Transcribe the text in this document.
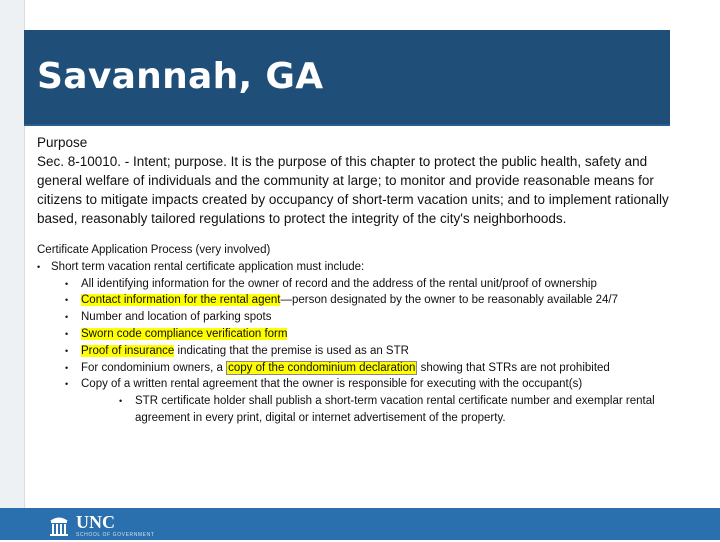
Savannah, GA
Purpose
Sec. 8-10010. - Intent; purpose. It is the purpose of this chapter to protect the public health, safety and general welfare of individuals and the community at large; to monitor and provide reasonable means for citizens to mitigate impacts created by occupancy of short-term vacation units; and to implement rationally based, reasonably tailored regulations to protect the integrity of the city's neighborhoods.
Certificate Application Process (very involved)
• Short term vacation rental certificate application must include:
• All identifying information for the owner of record and the address of the rental unit/proof of ownership
• Contact information for the rental agent—person designated by the owner to be reasonably available 24/7
• Number and location of parking spots
• Sworn code compliance verification form
• Proof of insurance indicating that the premise is used as an STR
• For condominium owners, a copy of the condominium declaration showing that STRs are not prohibited
• Copy of a written rental agreement that the owner is responsible for executing with the occupant(s)
• STR certificate holder shall publish a short-term vacation rental certificate number and exemplar rental agreement in every print, digital or internet advertisement of the property.
UNC
SCHOOL OF GOVERNMENT
